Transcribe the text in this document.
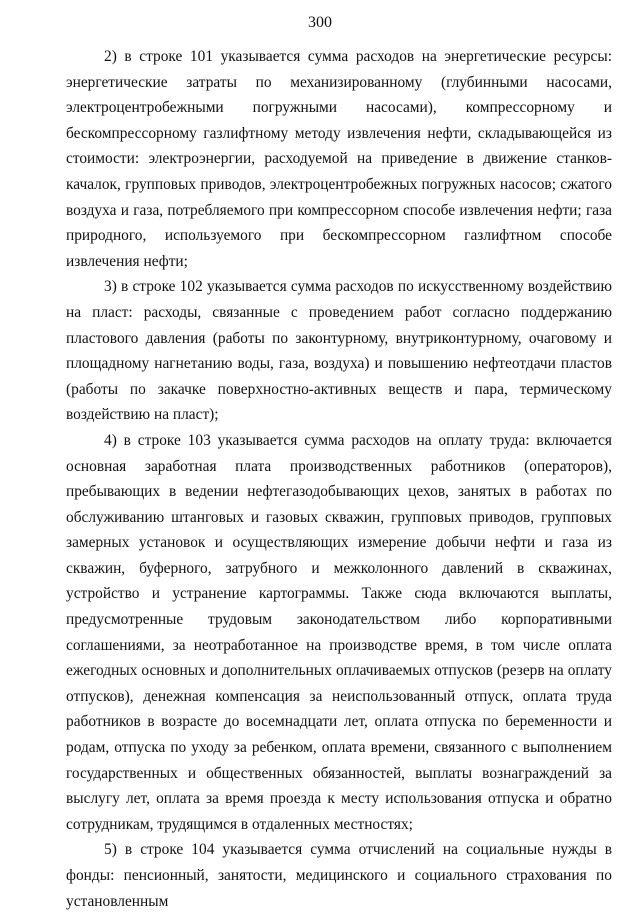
300

2) в строке 101 указывается сумма расходов на энергетические ресурсы: энергетические затраты по механизированному (глубинными насосами, электроцентробежными погружными насосами), компрессорному и бескомпрессорному газлифтному методу извлечения нефти, складывающейся из стоимости: электроэнергии, расходуемой на приведение в движение станков-качалок, групповых приводов, электроцентробежных погружных насосов; сжатого воздуха и газа, потребляемого при компрессорном способе извлечения нефти; газа природного, используемого при бескомпрессорном газлифтном способе извлечения нефти;

3) в строке 102 указывается сумма расходов по искусственному воздействию на пласт: расходы, связанные с проведением работ согласно поддержанию пластового давления (работы по законтурному, внутриконтурному, очаговому и площадному нагнетанию воды, газа, воздуха) и повышению нефтеотдачи пластов (работы по закачке поверхностно-активных веществ и пара, термическому воздействию на пласт);

4) в строке 103 указывается сумма расходов на оплату труда: включается основная заработная плата производственных работников (операторов), пребывающих в ведении нефтегазодобывающих цехов, занятых в работах по обслуживанию штанговых и газовых скважин, групповых приводов, групповых замерных установок и осуществляющих измерение добычи нефти и газа из скважин, буферного, затрубного и межколонного давлений в скважинах, устройство и устранение картограммы. Также сюда включаются выплаты, предусмотренные трудовым законодательством либо корпоративными соглашениями, за неотработанное на производстве время, в том числе оплата ежегодных основных и дополнительных оплачиваемых отпусков (резерв на оплату отпусков), денежная компенсация за неиспользованный отпуск, оплата труда работников в возрасте до восемнадцати лет, оплата отпуска по беременности и родам, отпуска по уходу за ребенком, оплата времени, связанного с выполнением государственных и общественных обязанностей, выплаты вознаграждений за выслугу лет, оплата за время проезда к месту использования отпуска и обратно сотрудникам, трудящимся в отдаленных местностях;

5) в строке 104 указывается сумма отчислений на социальные нужды в фонды: пенсионный, занятости, медицинского и социального страхования по установленным
